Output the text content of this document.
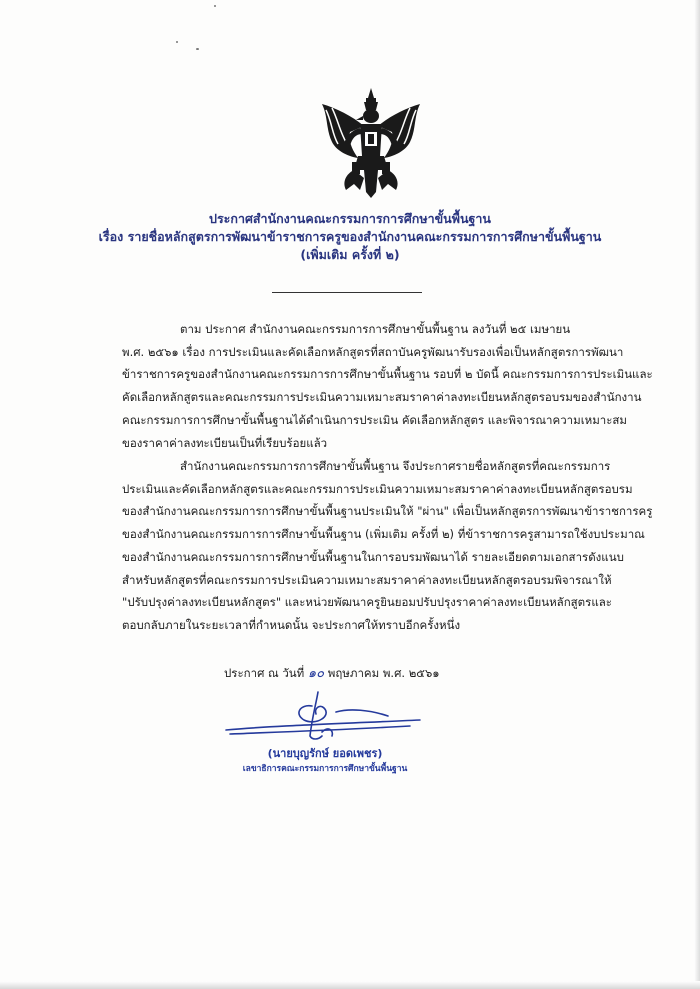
ประกาศสำนักงานคณะกรรมการการศึกษาขั้นพื้นฐาน
เรื่อง รายชื่อหลักสูตรการพัฒนาข้าราชการครูของสำนักงานคณะกรรมการการศึกษาขั้นพื้นฐาน
(เพิ่มเติม ครั้งที่ ๒)
ตาม ประกาศ สำนักงานคณะกรรมการการศึกษาขั้นพื้นฐาน ลงวันที่ ๒๕ เมษายน
พ.ศ. ๒๕๖๑ เรื่อง การประเมินและคัดเลือกหลักสูตรที่สถาบันครูพัฒนารับรองเพื่อเป็นหลักสูตรการพัฒนา
ข้าราชการครูของสำนักงานคณะกรรมการการศึกษาขั้นพื้นฐาน รอบที่ ๒ บัดนี้ คณะกรรมการการประเมินและ
คัดเลือกหลักสูตรและคณะกรรมการประเมินความเหมาะสมราคาค่าลงทะเบียนหลักสูตรอบรมของสำนักงาน
คณะกรรมการการศึกษาขั้นพื้นฐานได้ดำเนินการประเมิน คัดเลือกหลักสูตร และพิจารณาความเหมาะสม
ของราคาค่าลงทะเบียนเป็นที่เรียบร้อยแล้ว
สำนักงานคณะกรรมการการศึกษาขั้นพื้นฐาน จึงประกาศรายชื่อหลักสูตรที่คณะกรรมการ
ประเมินและคัดเลือกหลักสูตรและคณะกรรมการประเมินความเหมาะสมราคาค่าลงทะเบียนหลักสูตรอบรม
ของสำนักงานคณะกรรมการการศึกษาขั้นพื้นฐานประเมินให้ "ผ่าน" เพื่อเป็นหลักสูตรการพัฒนาข้าราชการครู
ของสำนักงานคณะกรรมการการศึกษาขั้นพื้นฐาน (เพิ่มเติม ครั้งที่ ๒) ที่ข้าราชการครูสามารถใช้งบประมาณ
ของสำนักงานคณะกรรมการการศึกษาขั้นพื้นฐานในการอบรมพัฒนาได้ รายละเอียดตามเอกสารดังแนบ
สำหรับหลักสูตรที่คณะกรรมการประเมินความเหมาะสมราคาค่าลงทะเบียนหลักสูตรอบรมพิจารณาให้
"ปรับปรุงค่าลงทะเบียนหลักสูตร" และหน่วยพัฒนาครูยินยอมปรับปรุงราคาค่าลงทะเบียนหลักสูตรและ
ตอบกลับภายในระยะเวลาที่กำหนดนั้น จะประกาศให้ทราบอีกครั้งหนึ่ง
ประกาศ ณ วันที่ ๑๐ พฤษภาคม พ.ศ. ๒๕๖๑
(นายบุญรักษ์ ยอดเพชร)
เลขาธิการคณะกรรมการการศึกษาขั้นพื้นฐาน
